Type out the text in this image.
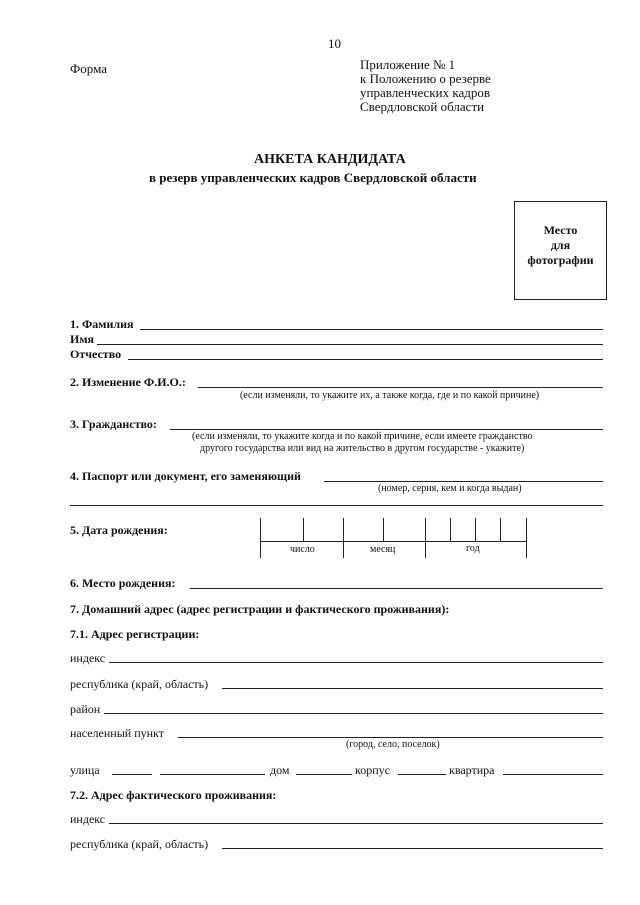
10
Форма	Приложение № 1
к Положению о резерве
управленческих кадров
Свердловской области
АНКЕТА КАНДИДАТА
в резерв управленческих кадров Свердловской области
Место
для
фотографии
1. Фамилия
Имя
Отчество
2. Изменение Ф.И.О.:
(если изменяли, то укажите их, а также когда, где и по какой причине)
3. Гражданство:
(если изменяли, то укажите когда и по какой причине, если имеете гражданство
другого государства или вид на жительство в другом государстве - укажите)
4. Паспорт или документ, его заменяющий
(номер, серия, кем и когда выдан)
5. Дата рождения:
число	месяц	год
6. Место рождения:
7. Домашний адрес (адрес регистрации и фактического проживания):
7.1. Адрес регистрации:
индекс
республика (край, область)
район
населенный пункт
(город, село, поселок)
улица	дом	корпус	квартира
7.2. Адрес фактического проживания:
индекс
республика (край, область)
